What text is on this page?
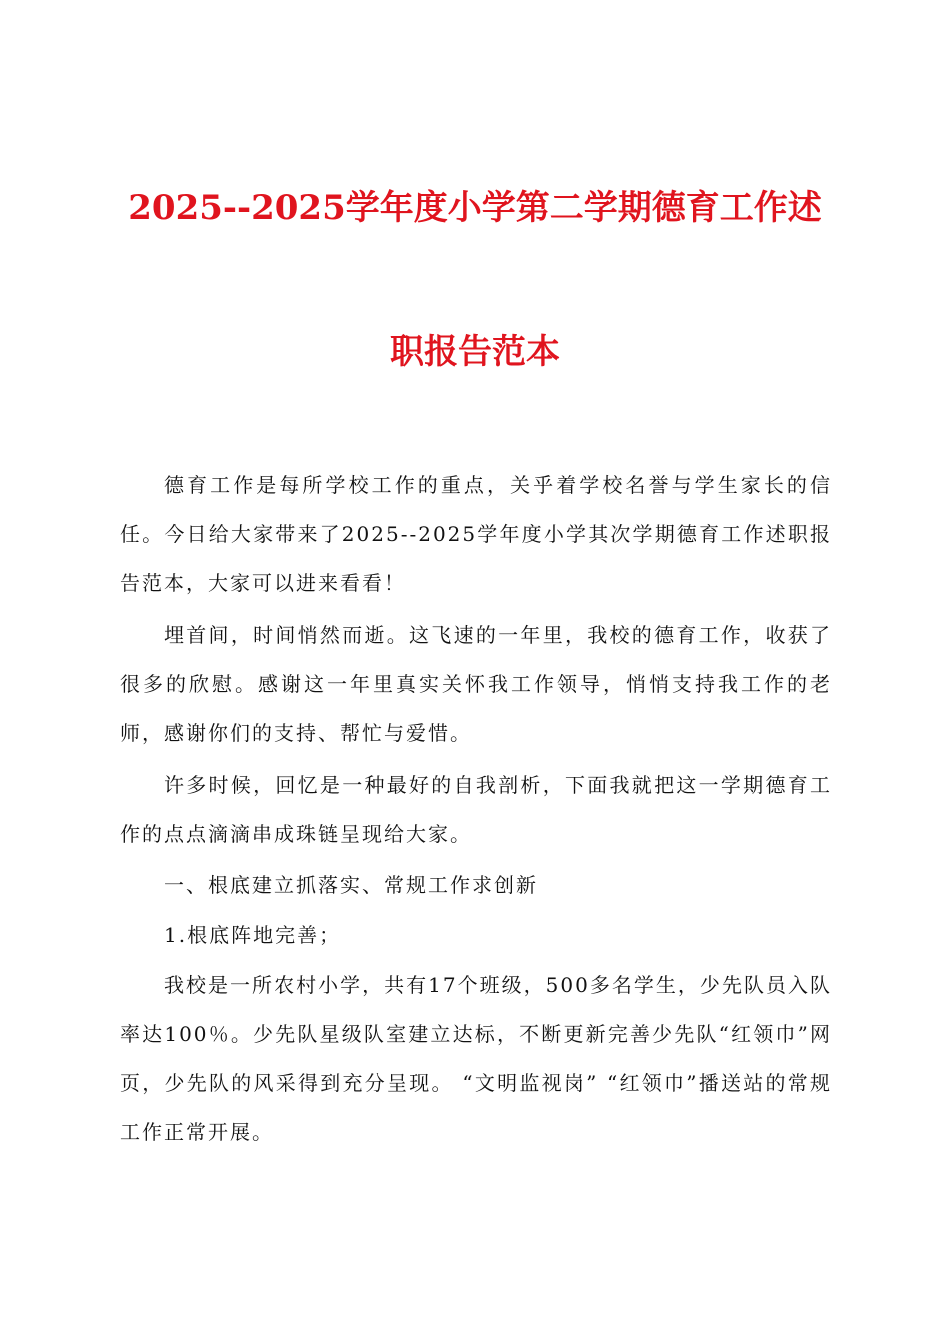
2025--2025学年度小学第二学期德育工作述
职报告范本

德育工作是每所学校工作的重点，关乎着学校名誉与学生家长的信任。今日给大家带来了2025--2025学年度小学其次学期德育工作述职报告范本，大家可以进来看看！

埋首间，时间悄然而逝。这飞速的一年里，我校的德育工作，收获了很多的欣慰。感谢这一年里真实关怀我工作领导，悄悄支持我工作的老师，感谢你们的支持、帮忙与爱惜。

许多时候，回忆是一种最好的自我剖析，下面我就把这一学期德育工作的点点滴滴串成珠链呈现给大家。

一、根底建立抓落实、常规工作求创新

1.根底阵地完善；

我校是一所农村小学，共有17个班级，500多名学生，少先队员入队率达100％。少先队星级队室建立达标，不断更新完善少先队“红领巾”网页，少先队的风采得到充分呈现。 “文明监视岗” “红领巾”播送站的常规工作正常开展。
